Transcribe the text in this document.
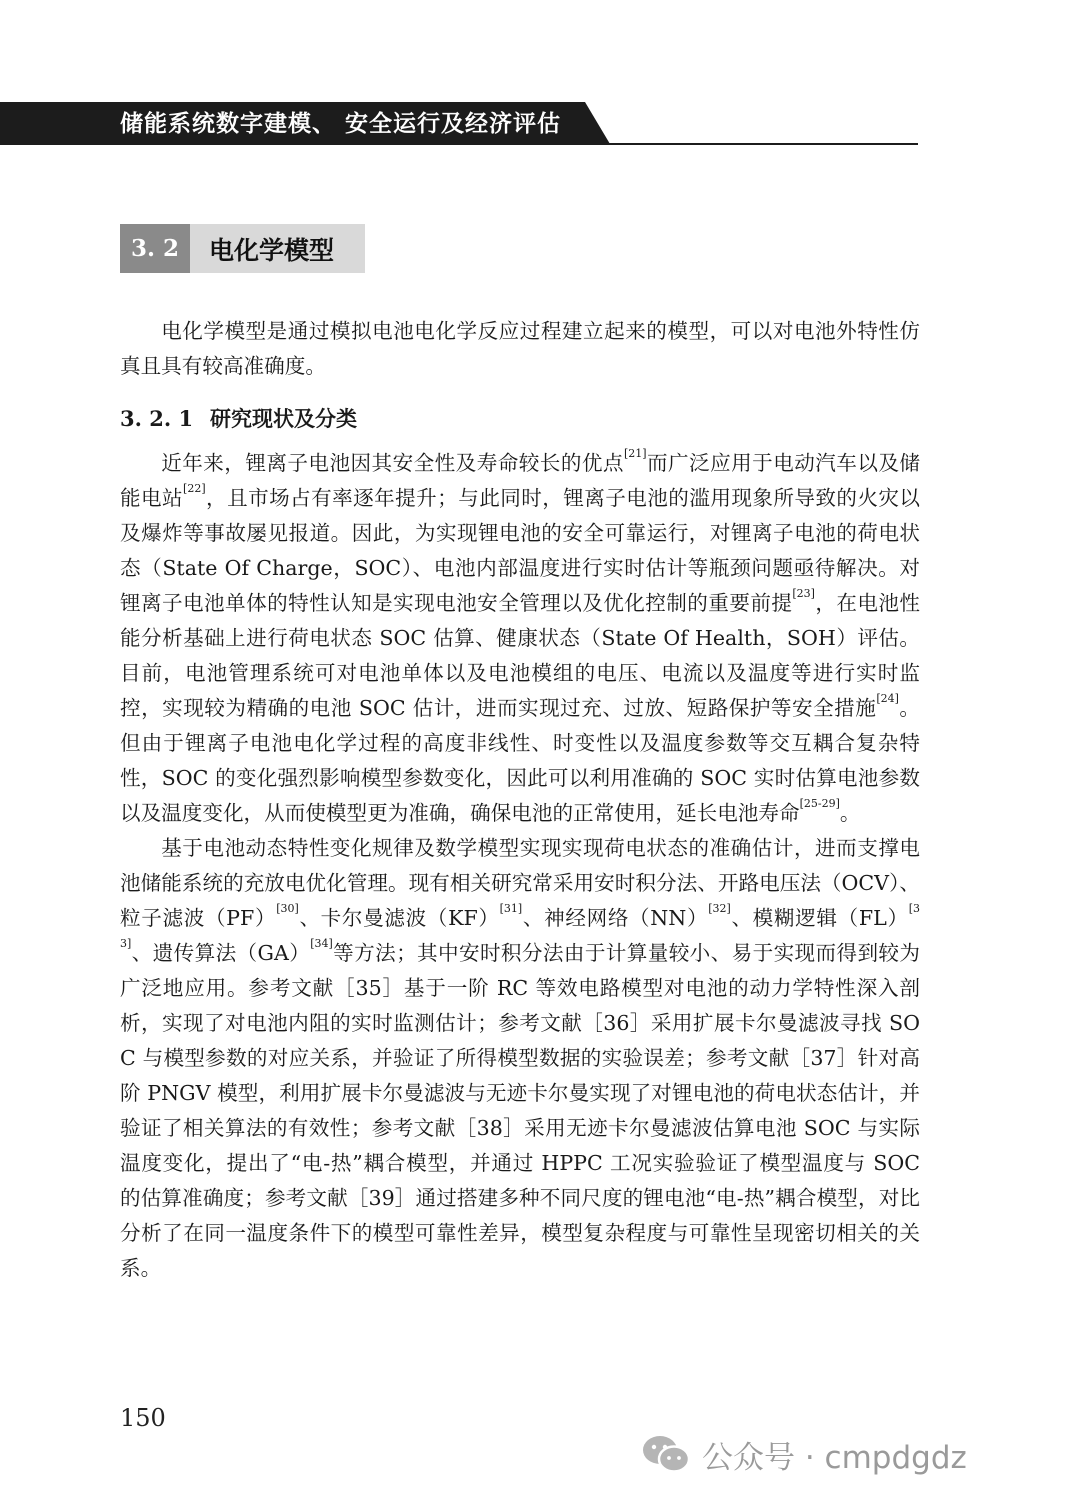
储能系统数字建模、 安全运行及经济评估
3. 2	电化学模型

电化学模型是通过模拟电池电化学反应过程建立起来的模型，可以对电池外特性仿真且具有较高准确度。

3. 2. 1 研究现状及分类

近年来，锂离子电池因其安全性及寿命较长的优点[21]而广泛应用于电动汽车以及储能电站[22]，且市场占有率逐年提升；与此同时，锂离子电池的滥用现象所导致的火灾以及爆炸等事故屡见报道。因此，为实现锂电池的安全可靠运行，对锂离子电池的荷电状态（State Of Charge，SOC）、电池内部温度进行实时估计等瓶颈问题亟待解决。对锂离子电池单体的特性认知是实现电池安全管理以及优化控制的重要前提[23]，在电池性能分析基础上进行荷电状态 SOC 估算、健康状态（State Of Health，SOH）评估。目前，电池管理系统可对电池单体以及电池模组的电压、电流以及温度等进行实时监控，实现较为精确的电池 SOC 估计，进而实现过充、过放、短路保护等安全措施[24]。但由于锂离子电池电化学过程的高度非线性、时变性以及温度参数等交互耦合复杂特性，SOC 的变化强烈影响模型参数变化，因此可以利用准确的 SOC 实时估算电池参数以及温度变化，从而使模型更为准确，确保电池的正常使用，延长电池寿命[25-29]。

基于电池动态特性变化规律及数学模型实现实现荷电状态的准确估计，进而支撑电池储能系统的充放电优化管理。现有相关研究常采用安时积分法、开路电压法（OCV）、粒子滤波（PF）[30]、卡尔曼滤波（KF）[31]、神经网络（NN）[32]、模糊逻辑（FL）[33]、遗传算法（GA）[34]等方法；其中安时积分法由于计算量较小、易于实现而得到较为广泛地应用。参考文献［35］基于一阶 RC 等效电路模型对电池的动力学特性深入剖析，实现了对电池内阻的实时监测估计；参考文献［36］采用扩展卡尔曼滤波寻找 SOC 与模型参数的对应关系，并验证了所得模型数据的实验误差；参考文献［37］针对高阶 PNGV 模型，利用扩展卡尔曼滤波与无迹卡尔曼实现了对锂电池的荷电状态估计，并验证了相关算法的有效性；参考文献［38］采用无迹卡尔曼滤波估算电池 SOC 与实际温度变化，提出了“电-热”耦合模型，并通过 HPPC 工况实验验证了模型温度与 SOC 的估算准确度；参考文献［39］通过搭建多种不同尺度的锂电池“电-热”耦合模型，对比分析了在同一温度条件下的模型可靠性差异，模型复杂程度与可靠性呈现密切相关的关系。

150
公众号 · cmpdgdz
